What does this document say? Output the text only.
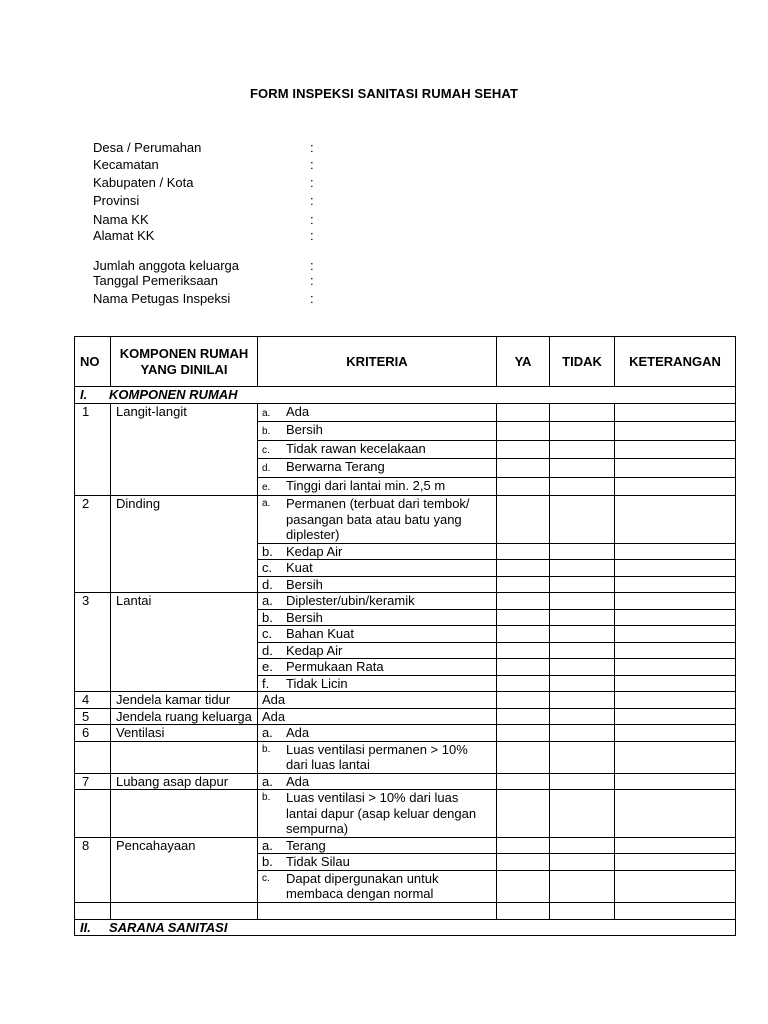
FORM INSPEKSI SANITASI RUMAH SEHAT
Desa / Perumahan	:
Kecamatan	:
Kabupaten / Kota	:
Provinsi	:
Nama KK	:
Alamat KK	:
Jumlah anggota keluarga	:
Tanggal Pemeriksaan	:
Nama Petugas Inspeksi	:
NO	KOMPONEN RUMAH YANG DINILAI	KRITERIA	YA	TIDAK	KETERANGAN
I. KOMPONEN RUMAH					
1	Langit-langit	a. Ada			
		b. Bersih			
		c. Tidak rawan kecelakaan			
		d. Berwarna Terang			
		e. Tinggi dari lantai min. 2,5 m			
2	Dinding	a. Permanen (terbuat dari tembok/ pasangan bata atau batu yang diplester)			

		b. Kedap Air			
		c. Kuat			
		d. Bersih			
3	Lantai	a. Diplester/ubin/keramik			
		b. Bersih			
		c. Bahan Kuat			
		d. Kedap Air			
		e. Permukaan Rata			
		f. Tidak Licin			
4	Jendela kamar tidur	Ada			
5	Jendela ruang keluarga	Ada			
6	Ventilasi	a. Ada			

		b. Luas ventilasi permanen > 10% dari luas lantai			

7	Lubang asap dapur	a. Ada			

		b. Luas ventilasi > 10% dari luas lantai dapur (asap keluar dengan sempurna)			

8	Pencahayaan	a. Terang			
		b. Tidak Silau			

		c. Dapat dipergunakan untuk membaca dengan normal			

II. SARANA SANITASI					
